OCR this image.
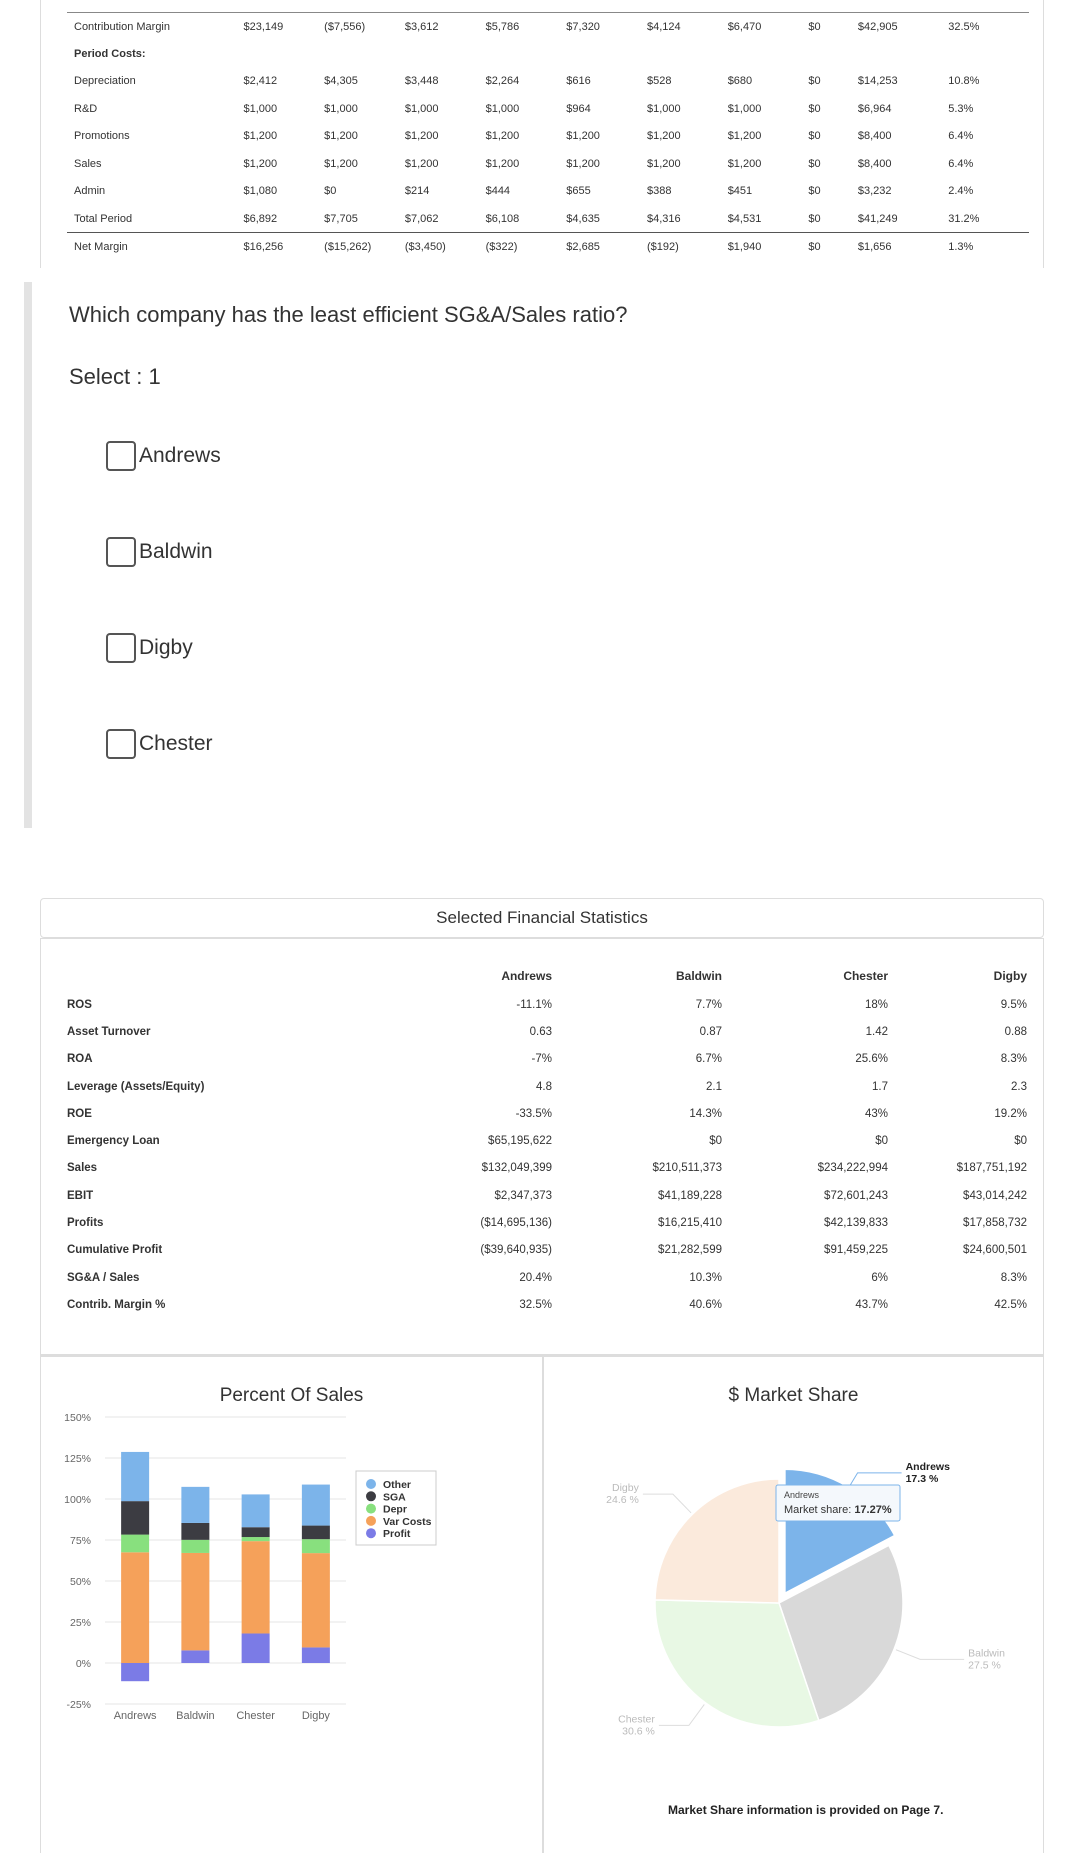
Contribution Margin	$23,149	($7,556)	$3,612	$5,786	$7,320	$4,124	$6,470	$0	$42,905	32.5%
Period Costs:										
Depreciation	$2,412	$4,305	$3,448	$2,264	$616	$528	$680	$0	$14,253	10.8%
R&D	$1,000	$1,000	$1,000	$1,000	$964	$1,000	$1,000	$0	$6,964	5.3%
Promotions	$1,200	$1,200	$1,200	$1,200	$1,200	$1,200	$1,200	$0	$8,400	6.4%
Sales	$1,200	$1,200	$1,200	$1,200	$1,200	$1,200	$1,200	$0	$8,400	6.4%
Admin	$1,080	$0	$214	$444	$655	$388	$451	$0	$3,232	2.4%
Total Period	$6,892	$7,705	$7,062	$6,108	$4,635	$4,316	$4,531	$0	$41,249	31.2%
Net Margin	$16,256	($15,262)	($3,450)	($322)	$2,685	($192)	$1,940	$0	$1,656	1.3%
Which company has the least efficient SG&A/Sales ratio?
Select : 1
Andrews
Baldwin
Digby
Chester
Selected Financial Statistics
	Andrews	Baldwin	Chester	Digby
ROS	-11.1%	7.7%	18%	9.5%
Asset Turnover	0.63	0.87	1.42	0.88
ROA	-7%	6.7%	25.6%	8.3%
Leverage (Assets/Equity)	4.8	2.1	1.7	2.3
ROE	-33.5%	14.3%	43%	19.2%
Emergency Loan	$65,195,622	$0	$0	$0
Sales	$132,049,399	$210,511,373	$234,222,994	$187,751,192
EBIT	$2,347,373	$41,189,228	$72,601,243	$43,014,242
Profits	($14,695,136)	$16,215,410	$42,139,833	$17,858,732
Cumulative Profit	($39,640,935)	$21,282,599	$91,459,225	$24,600,501
SG&A / Sales	20.4%	10.3%	6%	8.3%
Contrib. Margin %	32.5%	40.6%	43.7%	42.5%
Percent Of Sales
150%
125%
100%
75%
50%
25%
0%
-25%
Andrews Baldwin Chester Digby
Other
SGA
Depr
Var Costs
Profit
$ Market Share
Andrews
17.3 %
Baldwin
27.5 %
Chester
30.6 %
Digby
24.6 %	Andrews
Market share: 17.27%
Market Share information is provided on Page 7.
